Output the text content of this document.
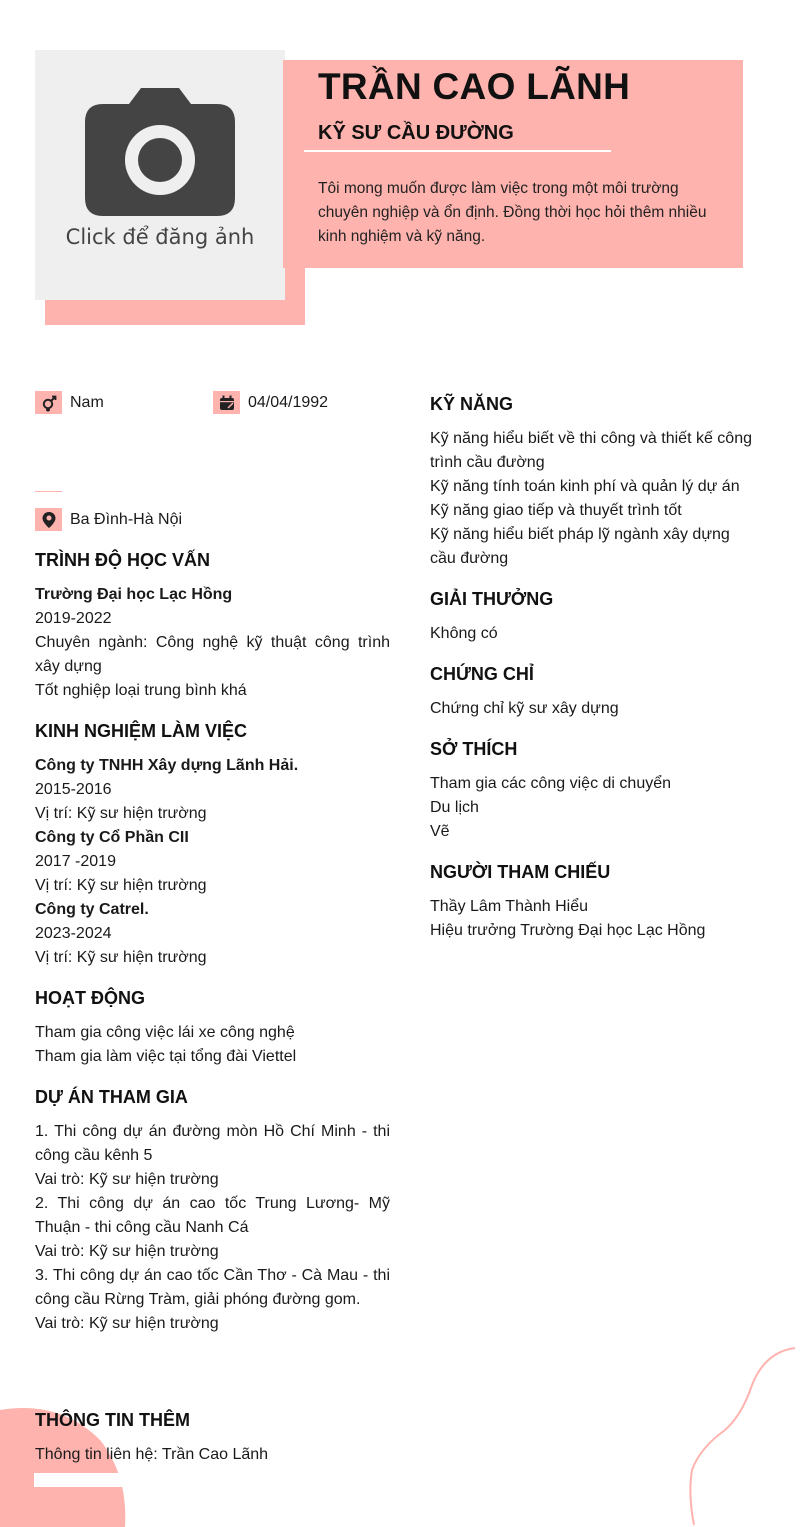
Click để đăng ảnh
TRẦN CAO LÃNH
KỸ SƯ CẦU ĐƯỜNG
Tôi mong muốn được làm việc trong một môi trường chuyên nghiệp và ổn định. Đồng thời học hỏi thêm nhiều kinh nghiệm và kỹ năng.
Nam	04/04/1992
Ba Đình-Hà Nội
TRÌNH ĐỘ HỌC VẤN
Trường Đại học Lạc Hồng
2019-2022
Chuyên ngành: Công nghệ kỹ thuật công trình xây dựng
Tốt nghiệp loại trung bình khá
KINH NGHIỆM LÀM VIỆC
Công ty TNHH Xây dựng Lãnh Hải.
2015-2016
Vị trí: Kỹ sư hiện trường
Công ty Cổ Phần CII
2017 -2019
Vị trí: Kỹ sư hiện trường
Công ty Catrel.
2023-2024
Vị trí: Kỹ sư hiện trường
HOẠT ĐỘNG
Tham gia công việc lái xe công nghệ
Tham gia làm việc tại tổng đài Viettel
DỰ ÁN THAM GIA
1. Thi công dự án đường mòn Hồ Chí Minh - thi công cầu kênh 5
Vai trò: Kỹ sư hiện trường
2. Thi công dự án cao tốc Trung Lương- Mỹ Thuận - thi công cầu Nanh Cá
Vai trò: Kỹ sư hiện trường
3. Thi công dự án cao tốc Cần Thơ - Cà Mau - thi công cầu Rừng Tràm, giải phóng đường gom.
Vai trò: Kỹ sư hiện trường
THÔNG TIN THÊM
Thông tin liên hệ: Trần Cao Lãnh
KỸ NĂNG
Kỹ năng hiểu biết về thi công và thiết kế công trình cầu đường
Kỹ năng tính toán kinh phí và quản lý dự án
Kỹ năng giao tiếp và thuyết trình tốt
Kỹ năng hiểu biết pháp lỹ ngành xây dựng cầu đường
GIẢI THƯỞNG
Không có
CHỨNG CHỈ
Chứng chỉ kỹ sư xây dựng
SỞ THÍCH
Tham gia các công việc di chuyển
Du lịch
Vẽ
NGƯỜI THAM CHIẾU
Thầy Lâm Thành Hiểu
Hiệu trưởng Trường Đại học Lạc Hồng
